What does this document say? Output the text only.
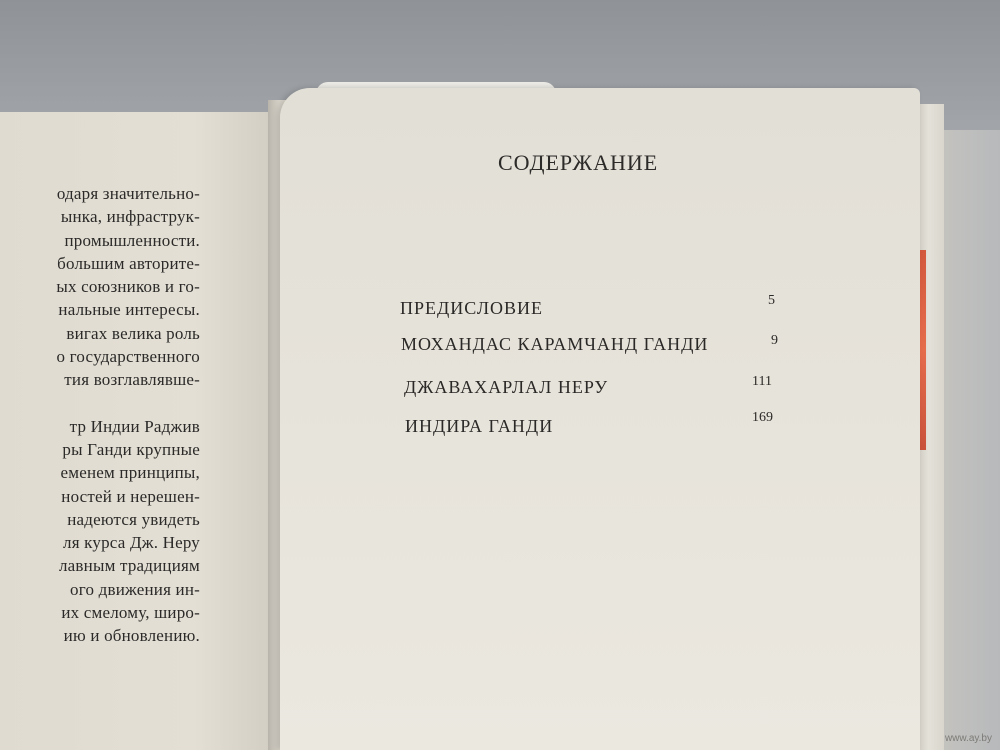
одаря значительно-
ынка, инфраструк-
промышленности.
большим авторите-
ых союзников и го-
нальные интересы.
вигах велика роль
о государственного
тия возглавлявше-
тр Индии Раджив
ры Ганди крупные
еменем принципы,
ностей и нерешен-
надеются увидеть
ля курса Дж. Неру
лавным традициям
ого движения ин-
их смелому, широ-
ию и обновлению.
СОДЕРЖАНИЕ
ПРЕДИСЛОВИЕ	5
МОХАНДАС КАРАМЧАНД ГАНДИ	9
ДЖАВАХАРЛАЛ НЕРУ	111
ИНДИРА ГАНДИ	169
www.ay.by
